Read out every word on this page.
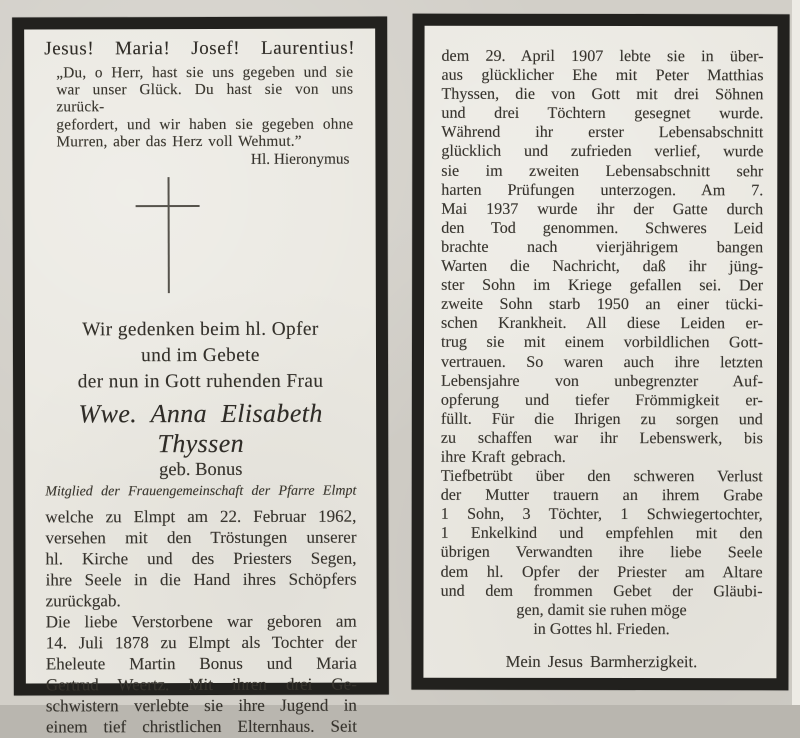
Jesus! Maria! Josef! Laurentius!
„Du, o Herr, hast sie uns gegeben und sie
war unser Glück. Du hast sie von uns zurück-
gefordert, und wir haben sie gegeben ohne
Murren, aber das Herz voll Wehmut.”
Hl. Hieronymus
Wir gedenken beim hl. Opfer
und im Gebete
der nun in Gott ruhenden Frau
Wwe. Anna Elisabeth Thyssen
geb. Bonus
Mitglied der Frauengemeinschaft der Pfarre Elmpt
welche zu Elmpt am 22. Februar 1962,
versehen mit den Tröstungen unserer
hl. Kirche und des Priesters Segen,
ihre Seele in die Hand ihres Schöpfers
zurückgab.
Die liebe Verstorbene war geboren am
14. Juli 1878 zu Elmpt als Tochter der
Eheleute Martin Bonus und Maria
Gertrud Weertz. Mit ihren drei Ge-
schwistern verlebte sie ihre Jugend in
einem tief christlichen Elternhaus. Seit
dem 29. April 1907 lebte sie in über-
aus glücklicher Ehe mit Peter Matthias
Thyssen, die von Gott mit drei Söhnen
und drei Töchtern gesegnet wurde.
Während ihr erster Lebensabschnitt
glücklich und zufrieden verlief, wurde
sie im zweiten Lebensabschnitt sehr
harten Prüfungen unterzogen. Am 7.
Mai 1937 wurde ihr der Gatte durch
den Tod genommen. Schweres Leid
brachte nach vierjährigem bangen
Warten die Nachricht, daß ihr jüng-
ster Sohn im Kriege gefallen sei. Der
zweite Sohn starb 1950 an einer tücki-
schen Krankheit. All diese Leiden er-
trug sie mit einem vorbildlichen Gott-
vertrauen. So waren auch ihre letzten
Lebensjahre von unbegrenzter Auf-
opferung und tiefer Frömmigkeit er-
füllt. Für die Ihrigen zu sorgen und
zu schaffen war ihr Lebenswerk, bis
ihre Kraft gebrach.
Tiefbetrübt über den schweren Verlust
der Mutter trauern an ihrem Grabe
1 Sohn, 3 Töchter, 1 Schwiegertochter,
1 Enkelkind und empfehlen mit den
übrigen Verwandten ihre liebe Seele
dem hl. Opfer der Priester am Altare
und dem frommen Gebet der Gläubi-
gen, damit sie ruhen möge
in Gottes hl. Frieden.
Mein Jesus Barmherzigkeit.
